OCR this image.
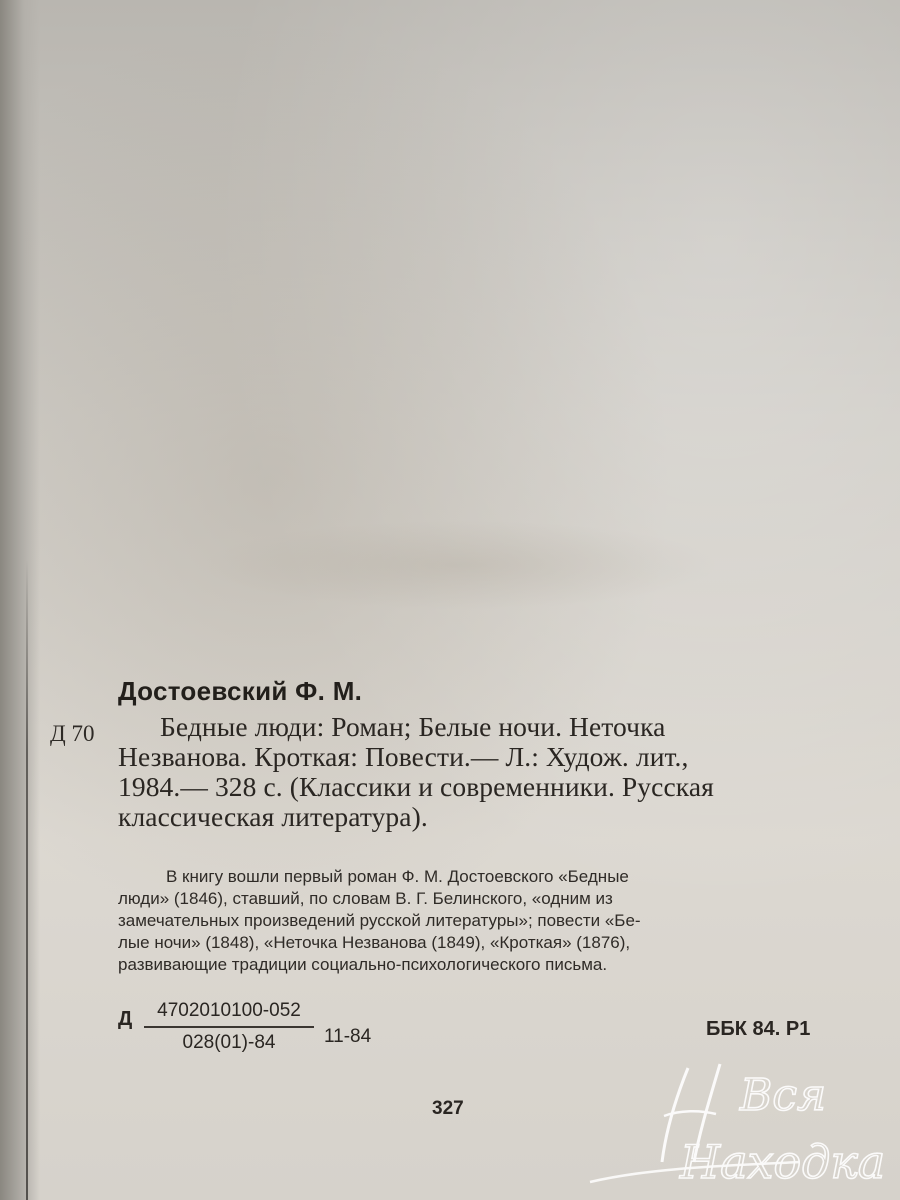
Достоевский Ф. М.
Д 70	Бедные люди: Роман; Белые ночи. Неточка
Незванова. Кроткая: Повести.— Л.: Худож. лит.,
1984.— 328 с. (Классики и современники. Русская
классическая литература).
В книгу вошли первый роман Ф. М. Достоевского «Бедные
люди» (1846), ставший, по словам В. Г. Белинского, «одним из
замечательных произведений русской литературы»; повести «Бе-
лые ночи» (1848), «Неточка Незванова (1849), «Кроткая» (1876),
развивающие традиции социально-психологического письма.
Д	4702010100-052
028(01)-84	11-84	ББК 84. Р1
327	Вся
Находка
